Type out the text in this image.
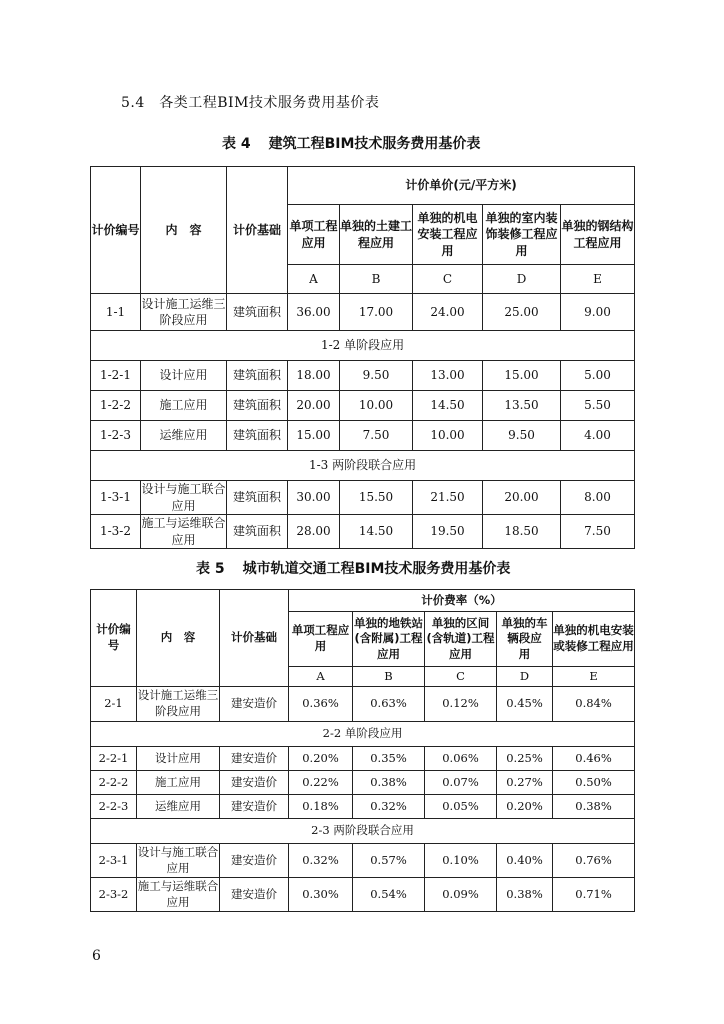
5.4　各类工程BIM技术服务费用基价表
表 4 建筑工程BIM技术服务费用基价表
计价编号	内　容	计价基础	计价单价(元/平方米)				
			单项工程应用	单独的土建工程应用	单独的机电安装工程应用	单独的室内装饰装修工程应用	单独的钢结构工程应用
			A	B	C	D	E
1-1	设计施工运维三阶段应用	建筑面积	36.00	17.00	24.00	25.00	9.00
1-2 单阶段应用							
1-2-1	设计应用	建筑面积	18.00	9.50	13.00	15.00	5.00
1-2-2	施工应用	建筑面积	20.00	10.00	14.50	13.50	5.50
1-2-3	运维应用	建筑面积	15.00	7.50	10.00	9.50	4.00
1-3 两阶段联合应用							
1-3-1	设计与施工联合应用	建筑面积	30.00	15.50	21.50	20.00	8.00
1-3-2	施工与运维联合应用	建筑面积	28.00	14.50	19.50	18.50	7.50
表 5 城市轨道交通工程BIM技术服务费用基价表
计价编号	内　容	计价基础	计价费率（%）				
			单项工程应用	单独的地铁站(含附属)工程应用	单独的区间(含轨道)工程应用	单独的车辆段应　用	单独的机电安装或装修工程应用
			A	B	C	D	E
2-1	设计施工运维三阶段应用	建安造价	0.36%	0.63%	0.12%	0.45%	0.84%
2-2 单阶段应用							
2-2-1	设计应用	建安造价	0.20%	0.35%	0.06%	0.25%	0.46%
2-2-2	施工应用	建安造价	0.22%	0.38%	0.07%	0.27%	0.50%
2-2-3	运维应用	建安造价	0.18%	0.32%	0.05%	0.20%	0.38%
2-3 两阶段联合应用							
2-3-1	设计与施工联合应用	建安造价	0.32%	0.57%	0.10%	0.40%	0.76%
2-3-2	施工与运维联合应用	建安造价	0.30%	0.54%	0.09%	0.38%	0.71%
6
